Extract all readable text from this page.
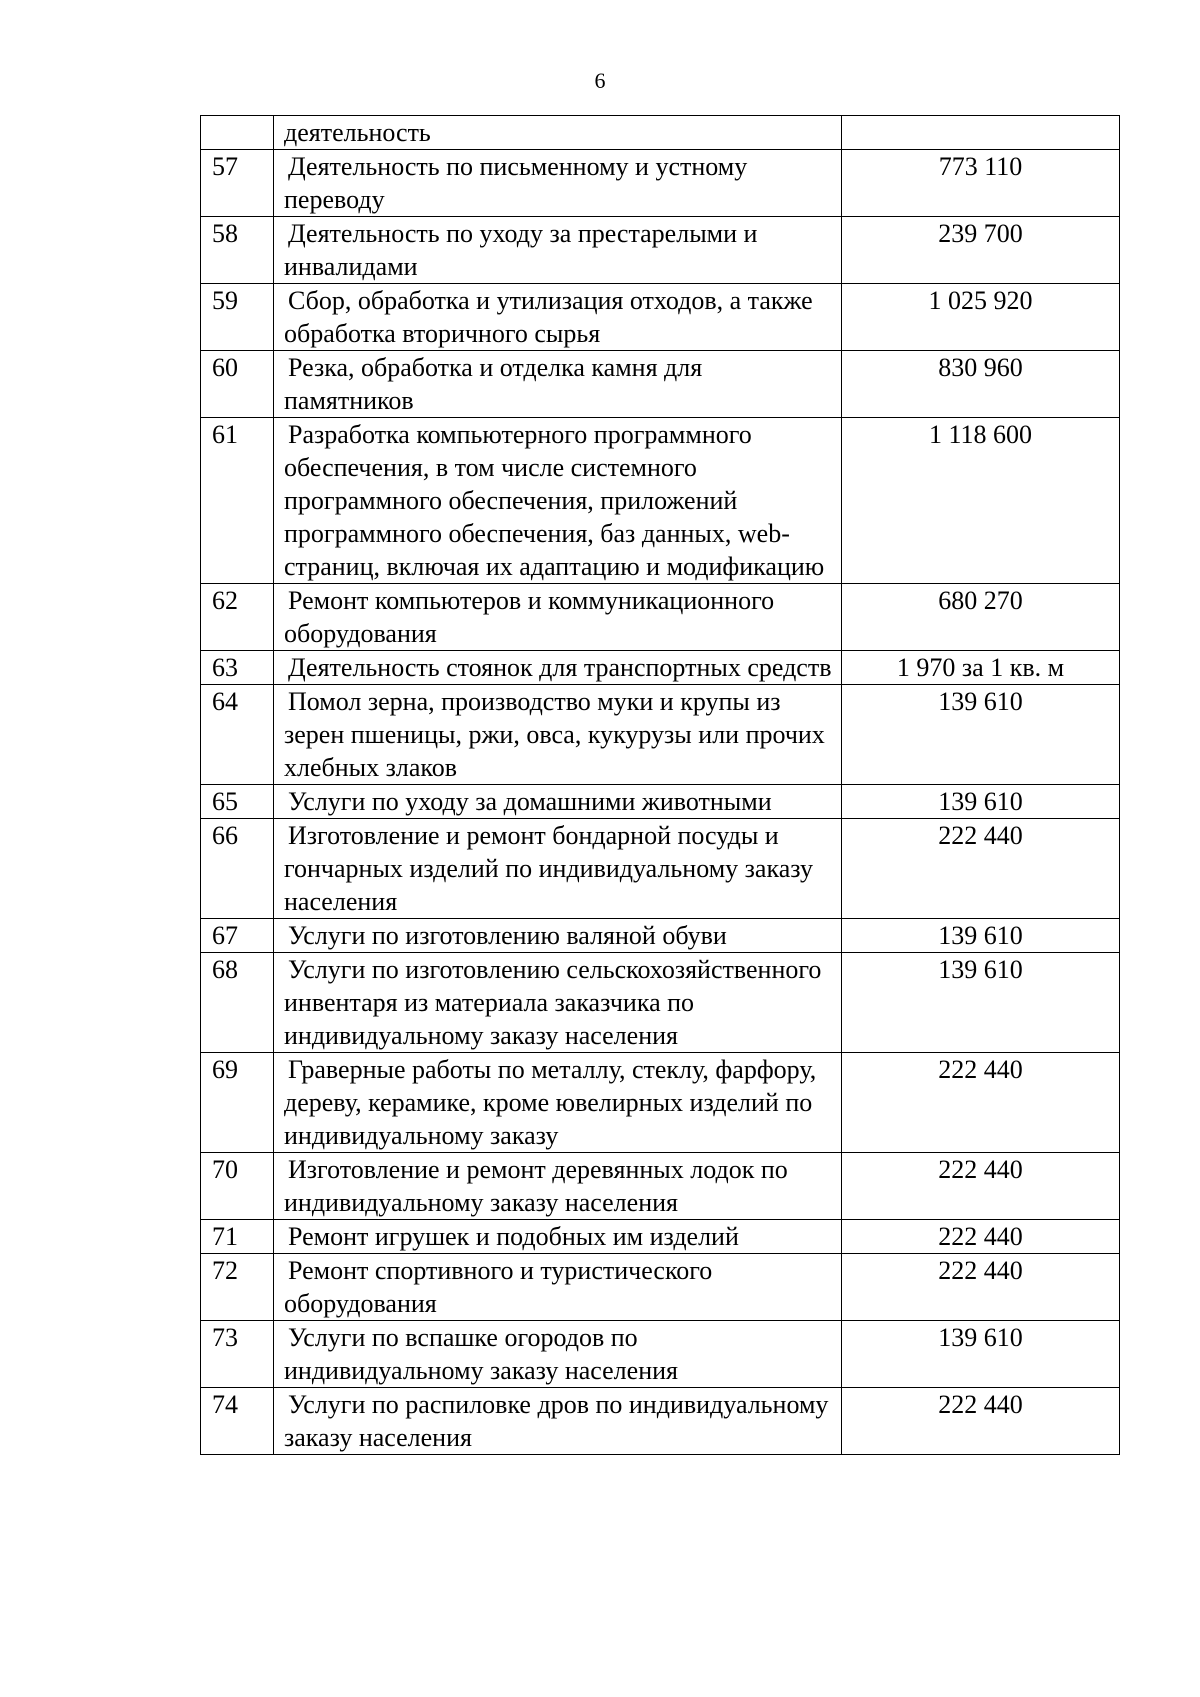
6
	деятельность	
57	Деятельность по письменному и устному переводу	773 110
58	Деятельность по уходу за престарелыми и инвалидами	239 700
59	Сбор, обработка и утилизация отходов, а также обработка вторичного сырья	1 025 920
60	Резка, обработка и отделка камня для памятников	830 960
61	Разработка компьютерного программного обеспечения, в том числе системного программного обеспечения, приложений программного обеспечения, баз данных, web-страниц, включая их адаптацию и модификацию	1 118 600
62	Ремонт компьютеров и коммуникационного оборудования	680 270
63	Деятельность стоянок для транспортных средств	1 970 за 1 кв. м
64	Помол зерна, производство муки и крупы из зерен пшеницы, ржи, овса, кукурузы или прочих хлебных злаков	139 610
65	Услуги по уходу за домашними животными	139 610
66	Изготовление и ремонт бондарной посуды и гончарных изделий по индивидуальному заказу населения	222 440
67	Услуги по изготовлению валяной обуви	139 610
68	Услуги по изготовлению сельскохозяйственного инвентаря из материала заказчика по индивидуальному заказу населения	139 610
69	Граверные работы по металлу, стеклу, фарфору, дереву, керамике, кроме ювелирных изделий по индивидуальному заказу	222 440
70	Изготовление и ремонт деревянных лодок по индивидуальному заказу населения	222 440
71	Ремонт игрушек и подобных им изделий	222 440
72	Ремонт спортивного и туристического оборудования	222 440
73	Услуги по вспашке огородов по индивидуальному заказу населения	139 610
74	Услуги по распиловке дров по индивидуальному заказу населения	222 440
